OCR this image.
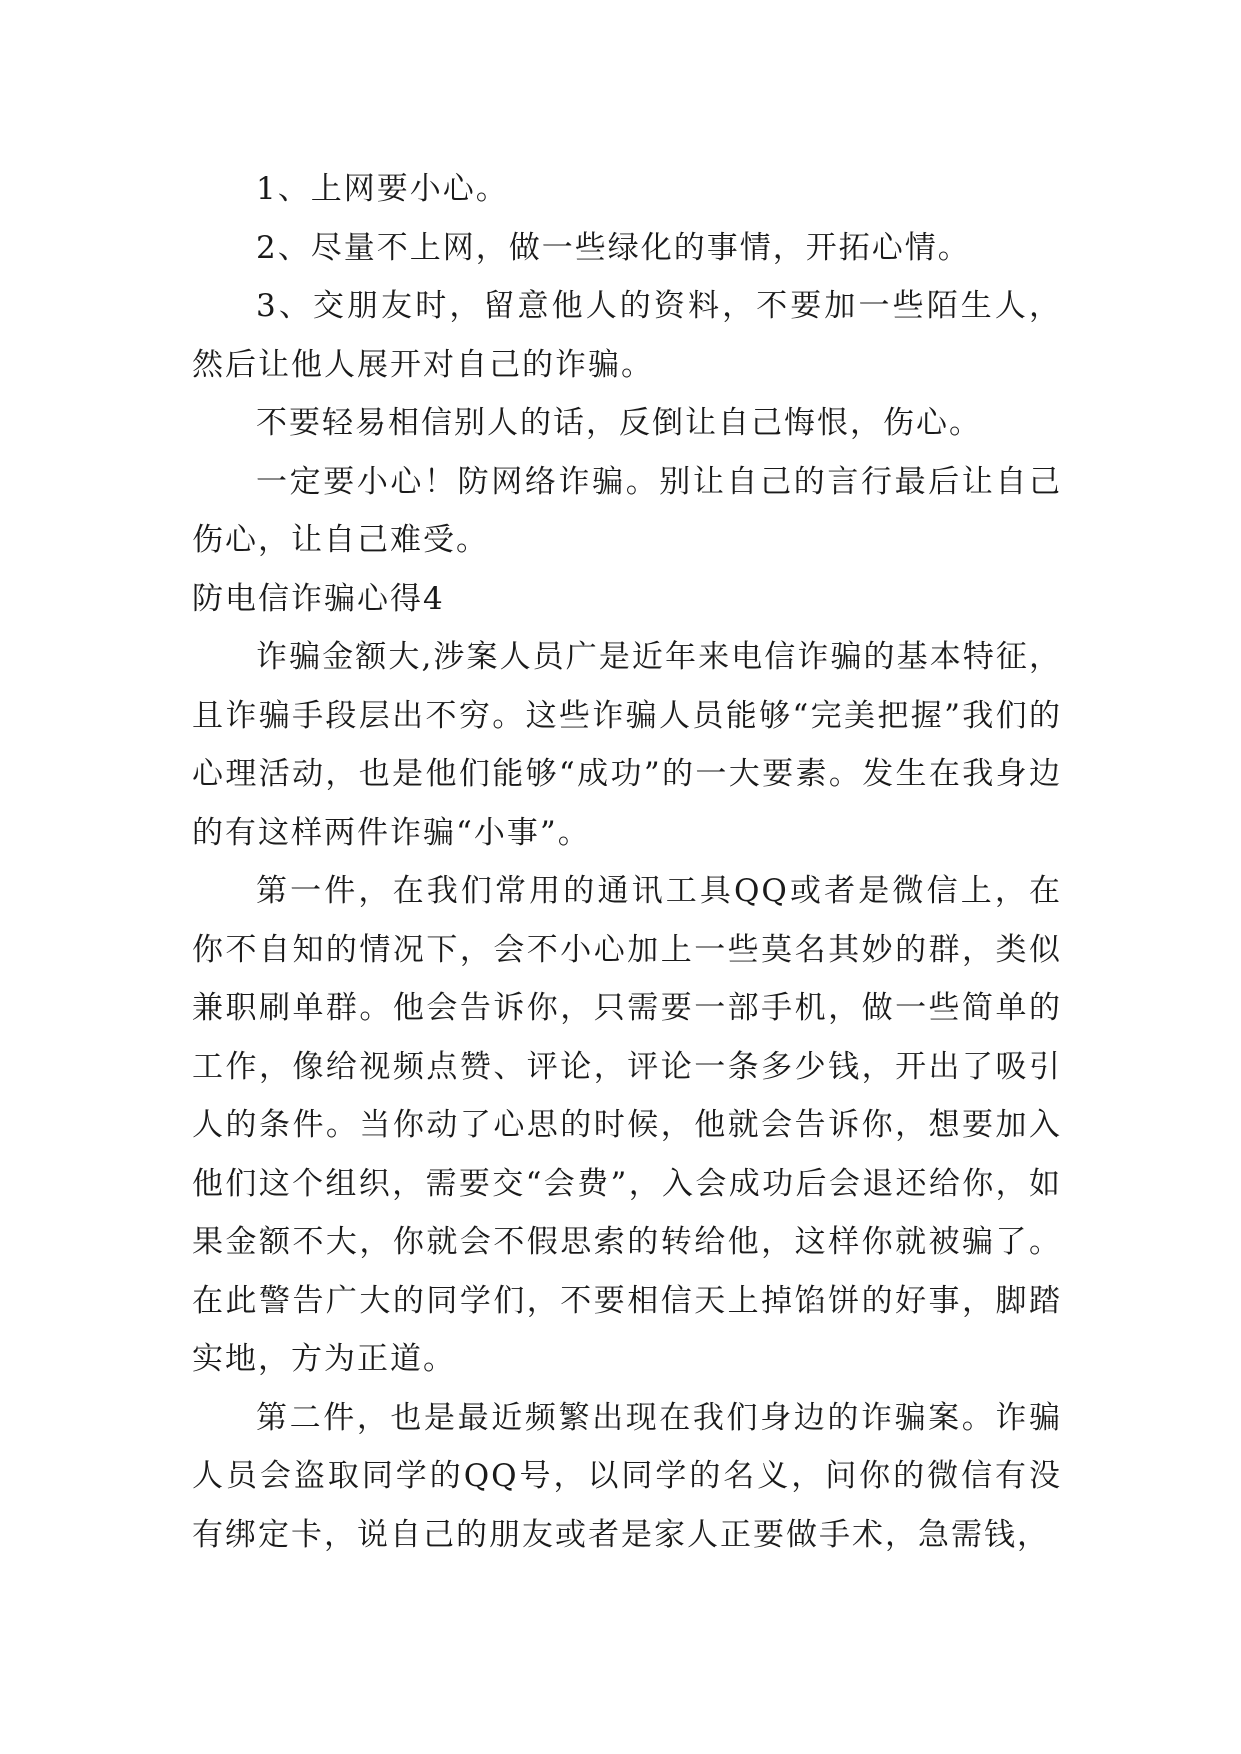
1、上网要小心。

2、尽量不上网，做一些绿化的事情，开拓心情。

3、交朋友时，留意他人的资料，不要加一些陌生人，然后让他人展开对自己的诈骗。

不要轻易相信别人的话，反倒让自己悔恨，伤心。

一定要小心！防网络诈骗。别让自己的言行最后让自己伤心，让自己难受。

防电信诈骗心得4

诈骗金额大,涉案人员广是近年来电信诈骗的基本特征，且诈骗手段层出不穷。这些诈骗人员能够“完美把握”我们的心理活动，也是他们能够“成功”的一大要素。发生在我身边的有这样两件诈骗“小事”。

第一件，在我们常用的通讯工具QQ或者是微信上，在你不自知的情况下，会不小心加上一些莫名其妙的群，类似兼职刷单群。他会告诉你，只需要一部手机，做一些简单的工作，像给视频点赞、评论，评论一条多少钱，开出了吸引人的条件。当你动了心思的时候，他就会告诉你，想要加入他们这个组织，需要交“会费”，入会成功后会退还给你，如果金额不大，你就会不假思索的转给他，这样你就被骗了。在此警告广大的同学们，不要相信天上掉馅饼的好事，脚踏实地，方为正道。

第二件，也是最近频繁出现在我们身边的诈骗案。诈骗人员会盗取同学的QQ号，以同学的名义，问你的微信有没有绑定卡，说自己的朋友或者是家人正要做手术，急需钱，
